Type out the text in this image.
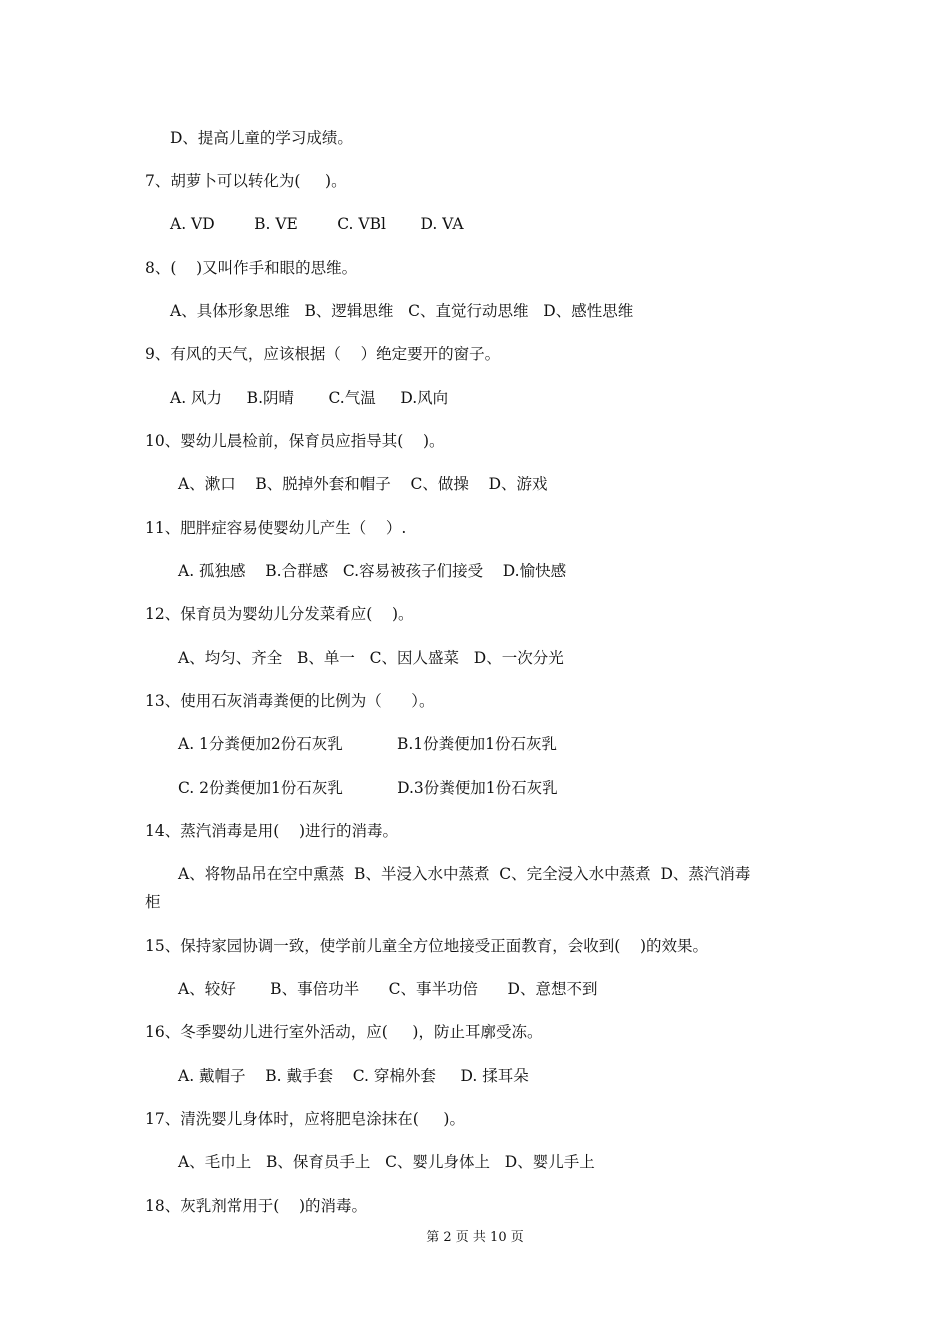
D、提高儿童的学习成绩。
7、胡萝卜可以转化为(     )。
A. VD        B. VE        C. VBl       D. VA
8、(    )又叫作手和眼的思维。
A、具体形象思维   B、逻辑思维   C、直觉行动思维   D、感性思维
9、有风的天气，应该根据（    ）绝定要开的窗子。
A. 风力     B.阴晴       C.气温     D.风向
10、婴幼儿晨检前，保育员应指导其(    )。
A、漱口    B、脱掉外套和帽子    C、做操    D、游戏
11、肥胖症容易使婴幼儿产生（    ）.
A. 孤独感    B.合群感   C.容易被孩子们接受    D.愉快感
12、保育员为婴幼儿分发菜肴应(    )。
A、均匀、齐全   B、单一   C、因人盛菜   D、一次分光
13、使用石灰消毒粪便的比例为（      ）。
A. 1分粪便加2份石灰乳           B.1份粪便加1份石灰乳
C. 2份粪便加1份石灰乳           D.3份粪便加1份石灰乳
14、蒸汽消毒是用(    )进行的消毒。
A、将物品吊在空中熏蒸  B、半浸入水中蒸煮  C、完全浸入水中蒸煮  D、蒸汽消毒
柜
15、保持家园协调一致，使学前儿童全方位地接受正面教育，会收到(    )的效果。
A、较好       B、事倍功半      C、事半功倍      D、意想不到
16、冬季婴幼儿进行室外活动，应(     )，防止耳廓受冻。
A. 戴帽子    B. 戴手套    C. 穿棉外套     D. 揉耳朵
17、清洗婴儿身体时，应将肥皂涂抹在(     )。
A、毛巾上   B、保育员手上   C、婴儿身体上   D、婴儿手上
18、灰乳剂常用于(    )的消毒。
第 2 页 共 10 页
